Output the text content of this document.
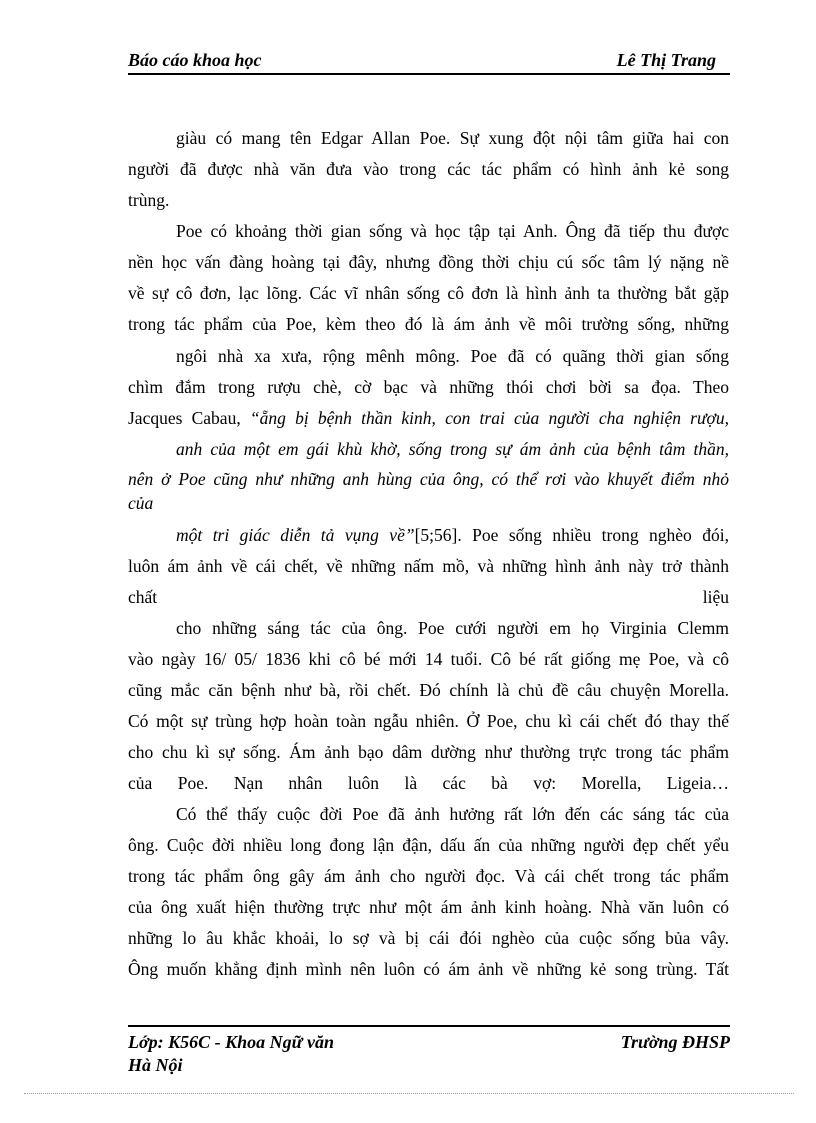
Báo cáo khoa học	Lê Thị Trang
giàu có mang tên Edgar Allan Poe. Sự xung đột nội tâm giữa hai con
người đã được nhà văn đưa vào trong các tác phẩm có hình ảnh kẻ song
trùng.
Poe có khoảng thời gian sống và học tập tại Anh. Ông đã tiếp thu được
nền học vấn đàng hoàng tại đây, nhưng đồng thời chịu cú sốc tâm lý nặng nề
về sự cô đơn, lạc lõng. Các vĩ nhân sống cô đơn là hình ảnh ta thường bắt gặp
trong tác phẩm của Poe, kèm theo đó là ám ảnh về môi trường sống, những
ngôi nhà xa xưa, rộng mênh mông. Poe đã có quãng thời gian sống
chìm đắm trong rượu chè, cờ bạc và những thói chơi bời sa đọa. Theo
Jacques Cabau, “ẵng bị bệnh thần kinh, con trai của người cha nghiện rượu,
anh của một em gái khù khờ, sống trong sự ám ảnh của bệnh tâm thần,
nên ở Poe cũng như những anh hùng của ông, có thể rơi vào khuyết điểm nhỏ
của
một tri giác diễn tả vụng về”[5;56]. Poe sống nhiều trong nghèo đói,
luôn ám ảnh về cái chết, về những nấm mồ, và những hình ảnh này trở thành
chất	liệu
cho những sáng tác của ông. Poe cưới người em họ Virginia Clemm
vào ngày 16/ 05/ 1836 khi cô bé mới 14 tuổi. Cô bé rất giống mẹ Poe, và cô
cũng mắc căn bệnh như bà, rồi chết. Đó chính là chủ đề câu chuyện Morella.
Có một sự trùng hợp hoàn toàn ngẫu nhiên. Ở Poe, chu kì cái chết đó thay thế
cho chu kì sự sống. Ám ảnh bạo dâm dường như thường trực trong tác phẩm
của Poe. Nạn nhân luôn là các bà vợ: Morella, Ligeia…
Có thể thấy cuộc đời Poe đã ảnh hưởng rất lớn đến các sáng tác của
ông. Cuộc đời nhiều long đong lận đận, dấu ấn của những người đẹp chết yểu
trong tác phẩm ông gây ám ảnh cho người đọc. Và cái chết trong tác phẩm
của ông xuất hiện thường trực như một ám ảnh kinh hoàng. Nhà văn luôn có
những lo âu khắc khoải, lo sợ và bị cái đói nghèo của cuộc sống bủa vây.
Ông muốn khẳng định mình nên luôn có ám ảnh về những kẻ song trùng. Tất
Lớp: K56C - Khoa Ngữ văn
Hà Nội
Trường ĐHSP
